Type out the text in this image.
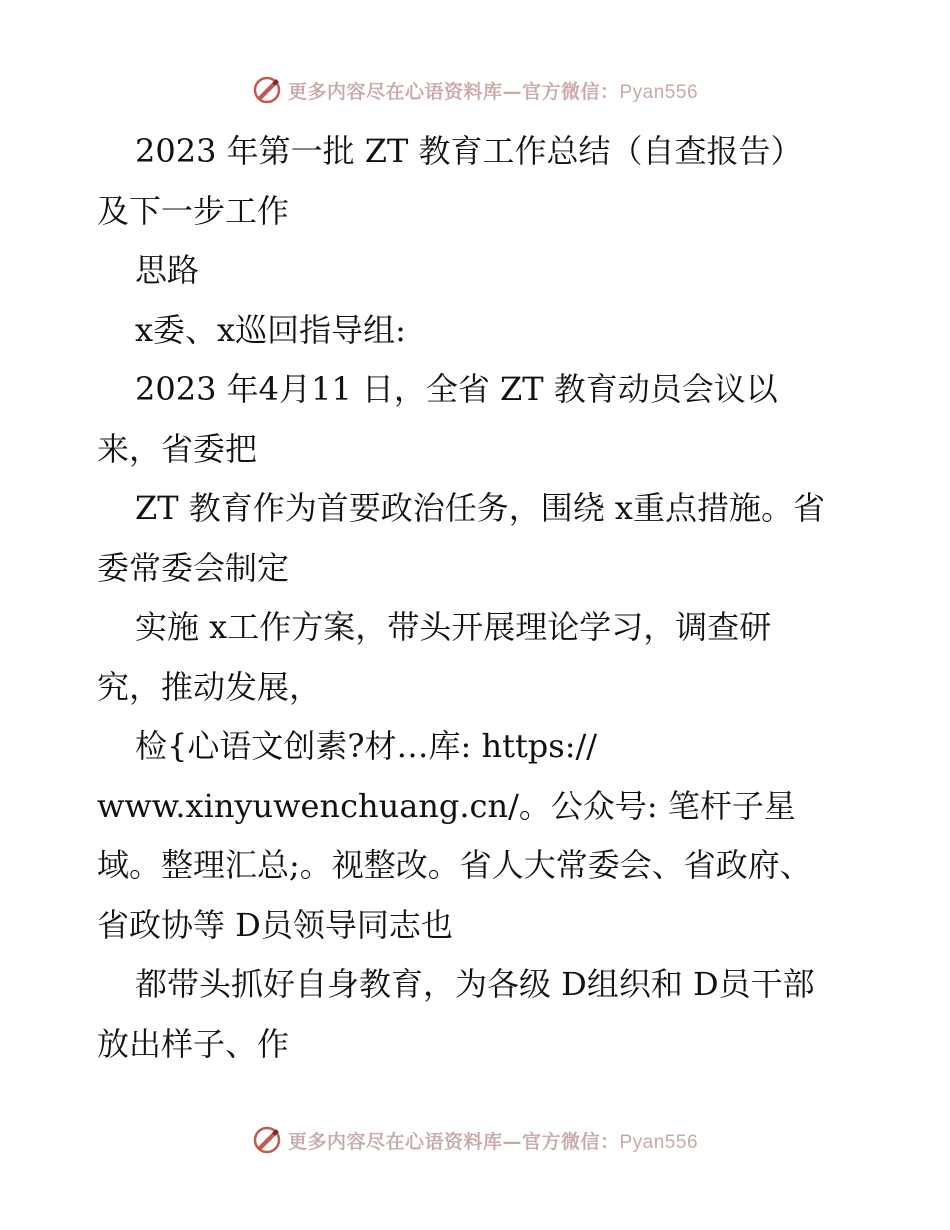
更多内容尽在心语资料库—官方微信：Pyan556

2023 年第一批 ZT 教育工作总结（自查报告）及下一步工作

思路

x委、x巡回指导组:

2023 年4月11 日，全省 ZT 教育动员会议以来，省委把

ZT 教育作为首要政治任务，围绕 x重点措施。省委常委会制定

实施 x工作方案，带头开展理论学习，调查研究，推动发展，

检{心语文创素?材…库: https://

www.xinyuwenchuang.cn/。公众号: 笔杆子星域。整理汇总;。视整改。省人大常委会、省政府、省政协等 D员领导同志也

都带头抓好自身教育，为各级 D组织和 D员干部放出样子、作

更多内容尽在心语资料库—官方微信：Pyan556
